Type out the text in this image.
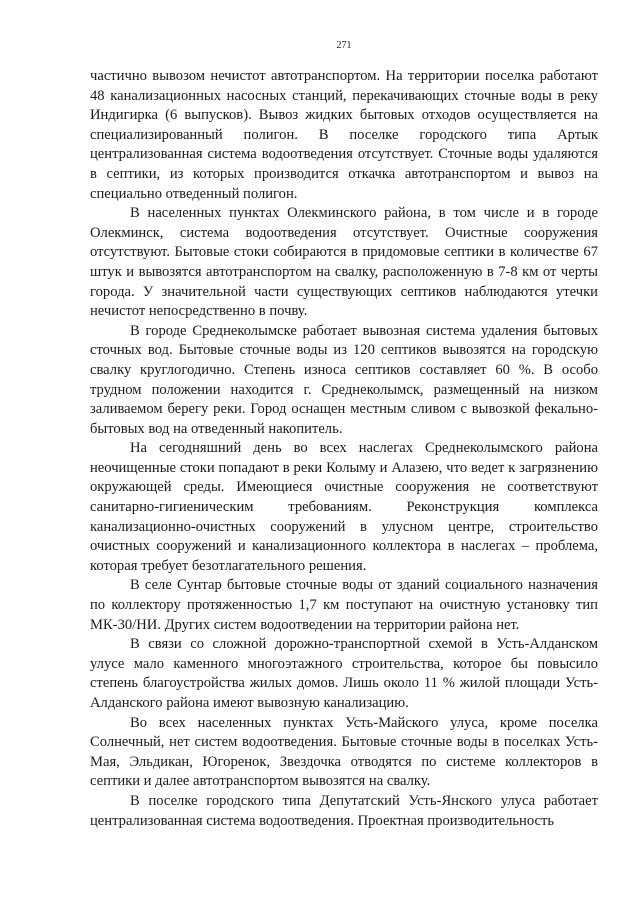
271

частично вывозом нечистот автотранспортом. На территории поселка работают 48 канализационных насосных станций, перекачивающих сточные воды в реку Индигирка (6 выпусков). Вывоз жидких бытовых отходов осуществляется на специализированный полигон. В поселке городского типа Артык централизованная система водоотведения отсутствует. Сточные воды удаляются в септики, из которых производится откачка автотранспортом и вывоз на специально отведенный полигон.

В населенных пунктах Олекминского района, в том числе и в городе Олекминск, система водоотведения отсутствует. Очистные сооружения отсутствуют. Бытовые стоки собираются в придомовые септики в количестве 67 штук и вывозятся автотранспортом на свалку, расположенную в 7-8 км от черты города. У значительной части существующих септиков наблюдаются утечки нечистот непосредственно в почву.

В городе Среднеколымске работает вывозная система удаления бытовых сточных вод. Бытовые сточные воды из 120 септиков вывозятся на городскую свалку круглогодично. Степень износа септиков составляет 60 %. В особо трудном положении находится г. Среднеколымск, размещенный на низком заливаемом берегу реки. Город оснащен местным сливом с вывозкой фекально-бытовых вод на отведенный накопитель.

На сегодняшний день во всех наслегах Среднеколымского района неочищенные стоки попадают в реки Колыму и Алазею, что ведет к загрязнению окружающей среды. Имеющиеся очистные сооружения не соответствуют санитарно-гигиеническим требованиям. Реконструкция комплекса канализационно-очистных сооружений в улусном центре, строительство очистных сооружений и канализационного коллектора в наслегах – проблема, которая требует безотлагательного решения.

В селе Сунтар бытовые сточные воды от зданий социального назначения по коллектору протяженностью 1,7 км поступают на очистную установку тип МК-30/НИ. Других систем водоотведении на территории района нет.

В связи со сложной дорожно-транспортной схемой в Усть-Алданском улусе мало каменного многоэтажного строительства, которое бы повысило степень благоустройства жилых домов. Лишь около 11 % жилой площади Усть-Алданского района имеют вывозную канализацию.

Во всех населенных пунктах Усть-Майского улуса, кроме поселка Солнечный, нет систем водоотведения. Бытовые сточные воды в поселках Усть-Мая, Эльдикан, Югоренок, Звездочка отводятся по системе коллекторов в септики и далее автотранспортом вывозятся на свалку.

В поселке городского типа Депутатский Усть-Янского улуса работает централизованная система водоотведения. Проектная производительность
